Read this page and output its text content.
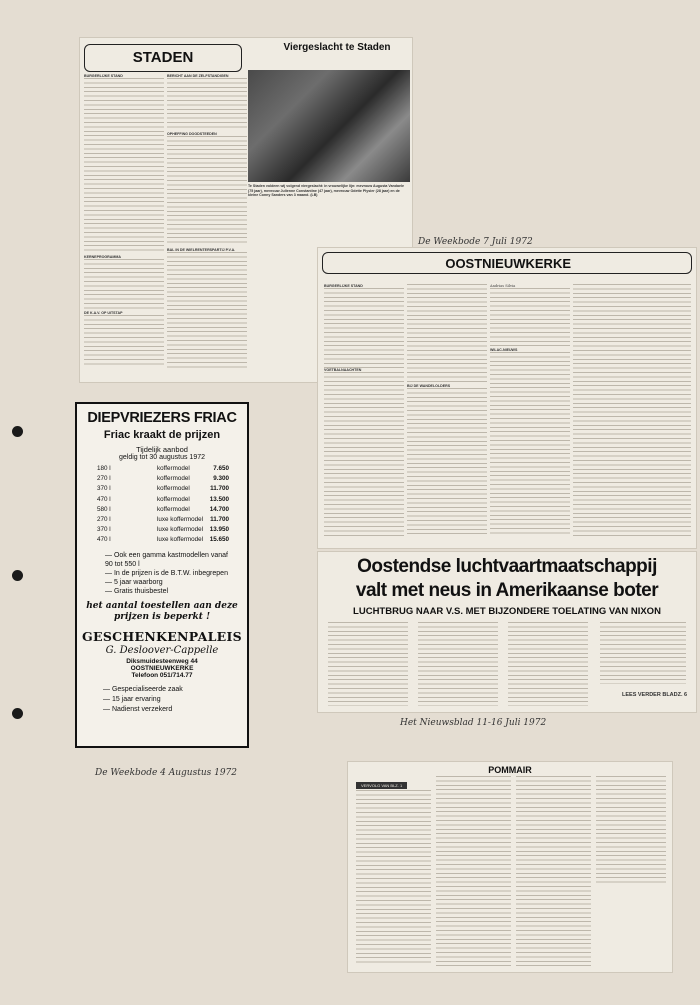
STADEN
Viergeslacht te Staden
BURGERLIJKE STAND
KERNEPROGRAMMA
DE K.A.V. OP UITSTAP
BERICHT AAN DE ZELFSTANDIGEN
OPHEFFING DOODSTEEDEN
BAL IN DE WIELRENTERSPARTIJ P.V.A.
Te Staden voldeen wij volgend viergeslacht: in vrouwelijke lijn: mevrouw Augusta Vandaele (75 jaar), mevrouw Julienne Constantine (47 jaar), mevrouw Odette Plysier (28 jaar) en de kleine Conny Sanders van 3 maand. (LB)
De Weekbode 7 Juli 1972
OOSTNIEUWKERKE
BURGERLIJKE STAND
VOETBALNAACHTEN
BIJ DE WANDELOLDERS
Andrias Silvia
WILAC-NIEUWS
DIEPVRIEZERS FRIAC
Friac kraakt de prijzen
Tijdelijk aanbod
geldig tot 30 augustus 1972
180 l	koffermodel	7.650
270 l	koffermodel	9.300
370 l	koffermodel	11.700
470 l	koffermodel	13.500
580 l	koffermodel	14.700
270 l	luxe koffermodel 11.700
370 l	luxe koffermodel 13.950
470 l	luxe koffermodel 15.650
— Ook een gamma kastmodellen vanaf 90 tot 550 l
— In de prijzen is de B.T.W. inbegrepen
— 5 jaar waarborg
— Gratis thuisbestel
het aantal toestellen aan deze prijzen is beperkt !
GESCHENKENPALEIS
G. Desloover-Cappelle
Diksmuidesteenweg 44
OOSTNIEUWKERKE
Telefoon 051/714.77
— Gespecialiseerde zaak
— 15 jaar ervaring
— Nadienst verzekerd
De Weekbode 4 Augustus 1972
Oostendse luchtvaartmaatschappij
valt met neus in Amerikaanse boter
LUCHTBRUG NAAR V.S. MET BIJZONDERE TOELATING VAN NIXON
LEES VERDER BLADZ. 6
Het Nieuwsblad 11-16 Juli 1972
POMMAIR
VERVOLG VAN BLZ. 1
